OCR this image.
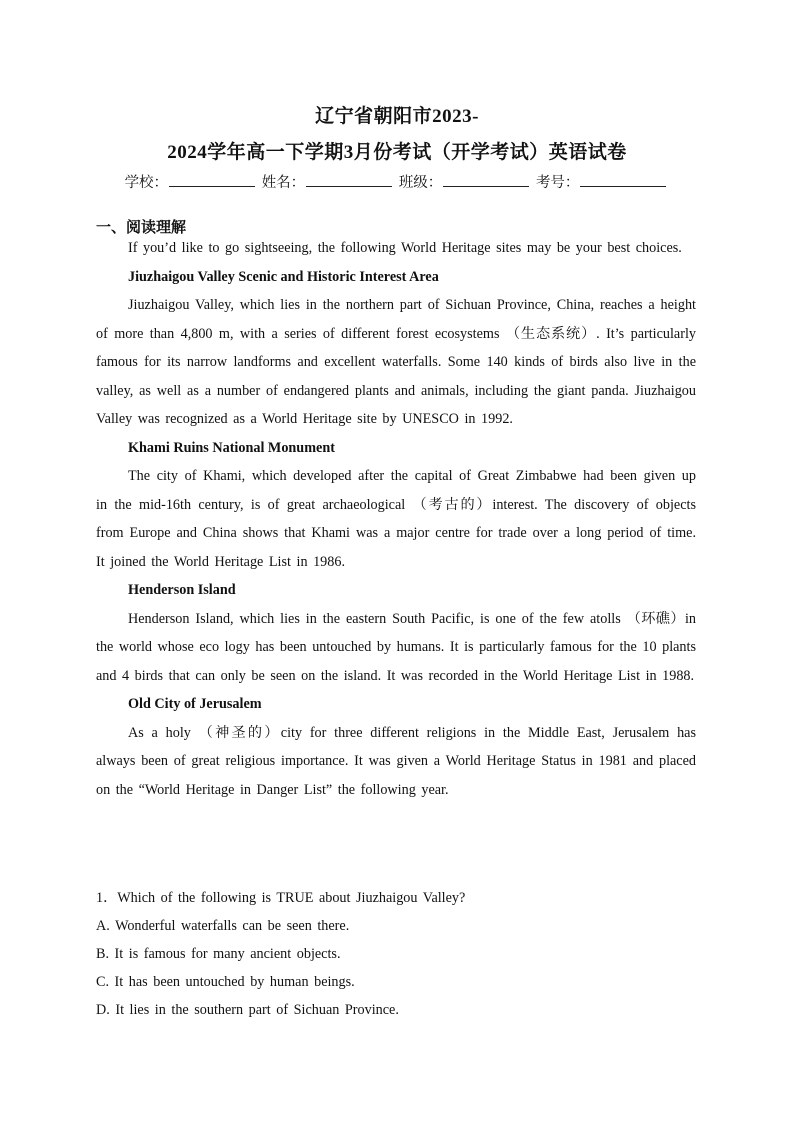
辽宁省朝阳市2023-
2024学年高一下学期3月份考试（开学考试）英语试卷
学校：	姓名：	班级：	考号：
一、阅读理解

If you’d like to go sightseeing, the following World Heritage sites may be your best choices.

Jiuzhaigou Valley Scenic and Historic Interest Area

Jiuzhaigou Valley, which lies in the northern part of Sichuan Province, China, reaches a height of more than 4,800 m, with a series of different forest ecosystems （生态系统）. It’s particularly famous for its narrow landforms and excellent waterfalls. Some 140 kinds of birds also live in the valley, as well as a number of endangered plants and animals, including the giant panda. Jiuzhaigou Valley was recognized as a World Heritage site by UNESCO in 1992.

Khami Ruins National Monument

The city of Khami, which developed after the capital of Great Zimbabwe had been given up in the mid-16th century, is of great archaeological （考古的）interest. The discovery of objects from Europe and China shows that Khami was a major centre for trade over a long period of time. It joined the World Heritage List in 1986.

Henderson Island

Henderson Island, which lies in the eastern South Pacific, is one of the few atolls （环礁）in the world whose eco logy has been untouched by humans. It is particularly famous for the 10 plants and 4 birds that can only be seen on the island. It was recorded in the World Heritage List in 1988.

Old City of Jerusalem

As a holy （神圣的）city for three different religions in the Middle East, Jerusalem has always been of great religious importance. It was given a World Heritage Status in 1981 and placed on the “World Heritage in Danger List” the following year.

1．Which of the following is TRUE about Jiuzhaigou Valley?

A. Wonderful waterfalls can be seen there.

B. It is famous for many ancient objects.

C. It has been untouched by human beings.

D. It lies in the southern part of Sichuan Province.
